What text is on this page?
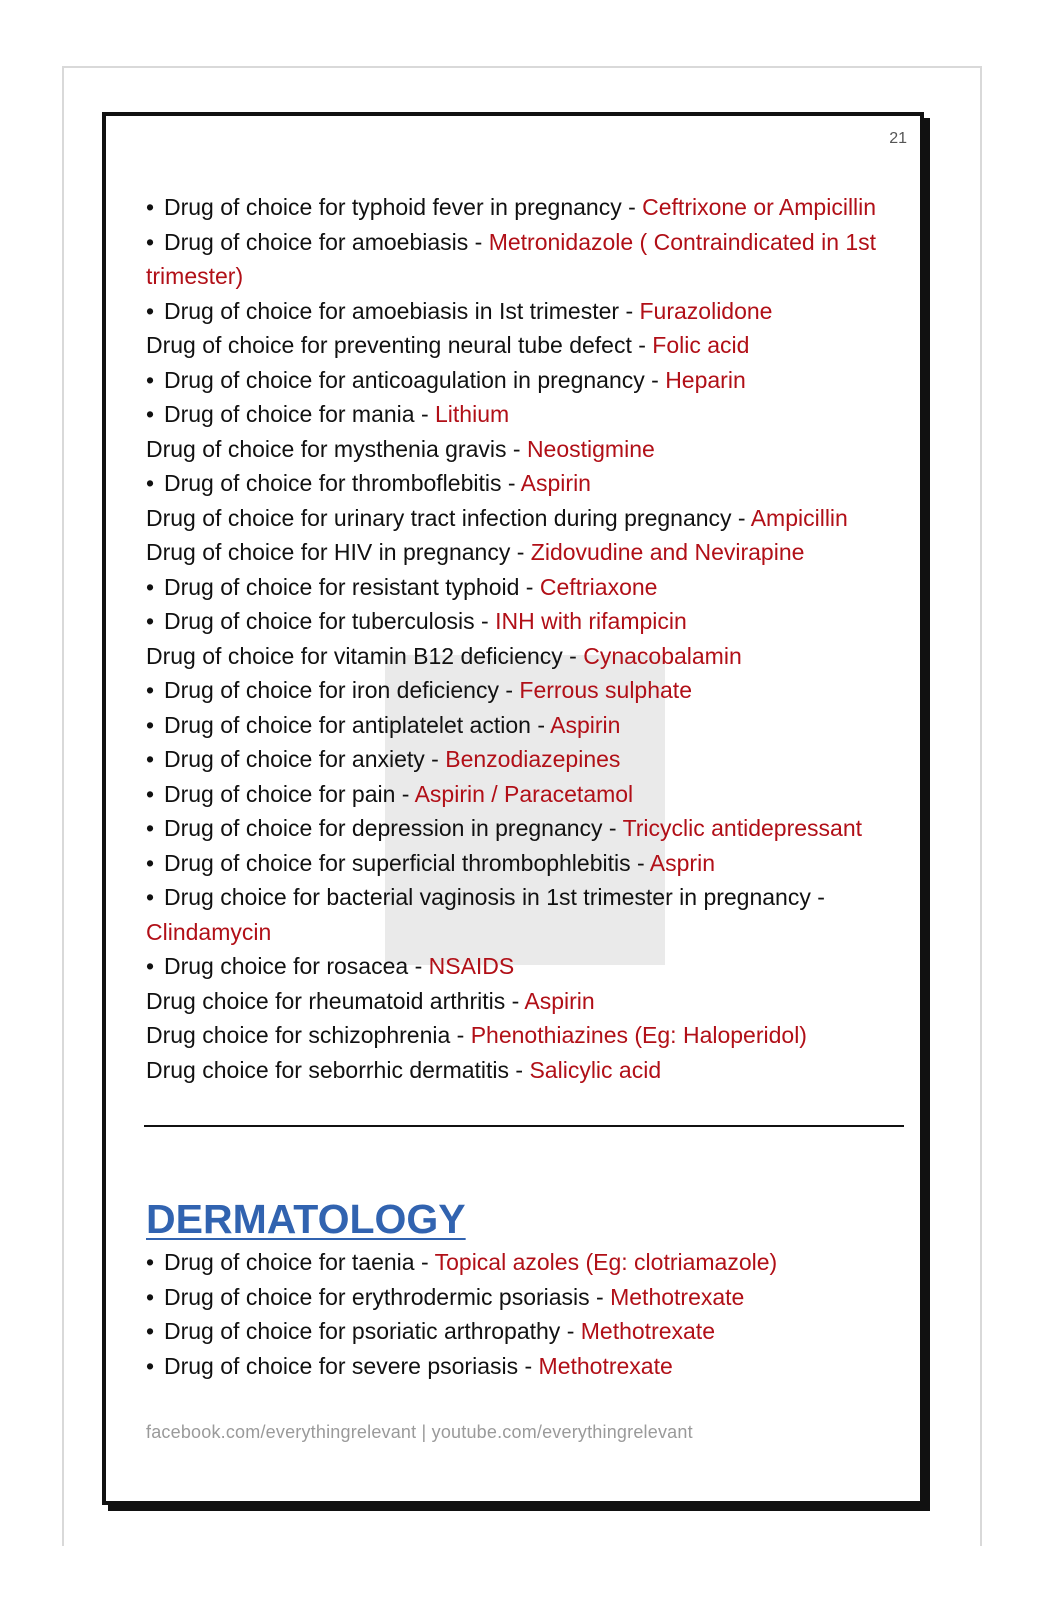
21
• Drug of choice for typhoid fever in pregnancy - Ceftrixone or Ampicillin
• Drug of choice for amoebiasis - Metronidazole ( Contraindicated in 1st trimester)
• Drug of choice for amoebiasis in Ist trimester - Furazolidone
Drug of choice for preventing neural tube defect - Folic acid
• Drug of choice for anticoagulation in pregnancy - Heparin
• Drug of choice for mania - Lithium
Drug of choice for mysthenia gravis - Neostigmine
• Drug of choice for thromboflebitis - Aspirin
Drug of choice for urinary tract infection during pregnancy - Ampicillin
Drug of choice for HIV in pregnancy - Zidovudine and Nevirapine
• Drug of choice for resistant typhoid - Ceftriaxone
• Drug of choice for tuberculosis - INH with rifampicin
Drug of choice for vitamin B12 deficiency - Cynacobalamin
• Drug of choice for iron deficiency - Ferrous sulphate
• Drug of choice for antiplatelet action - Aspirin
• Drug of choice for anxiety - Benzodiazepines
• Drug of choice for pain - Aspirin / Paracetamol
• Drug of choice for depression in pregnancy - Tricyclic antidepressant
• Drug of choice for superficial thrombophlebitis - Asprin
• Drug choice for bacterial vaginosis in 1st trimester in pregnancy - Clindamycin
• Drug choice for rosacea - NSAIDS
Drug choice for rheumatoid arthritis - Aspirin
Drug choice for schizophrenia - Phenothiazines (Eg: Haloperidol)
Drug choice for seborrhic dermatitis - Salicylic acid
DERMATOLOGY
• Drug of choice for taenia - Topical azoles (Eg: clotriamazole)
• Drug of choice for erythrodermic psoriasis - Methotrexate
• Drug of choice for psoriatic arthropathy - Methotrexate
• Drug of choice for severe psoriasis - Methotrexate
facebook.com/everythingrelevant | youtube.com/everythingrelevant
